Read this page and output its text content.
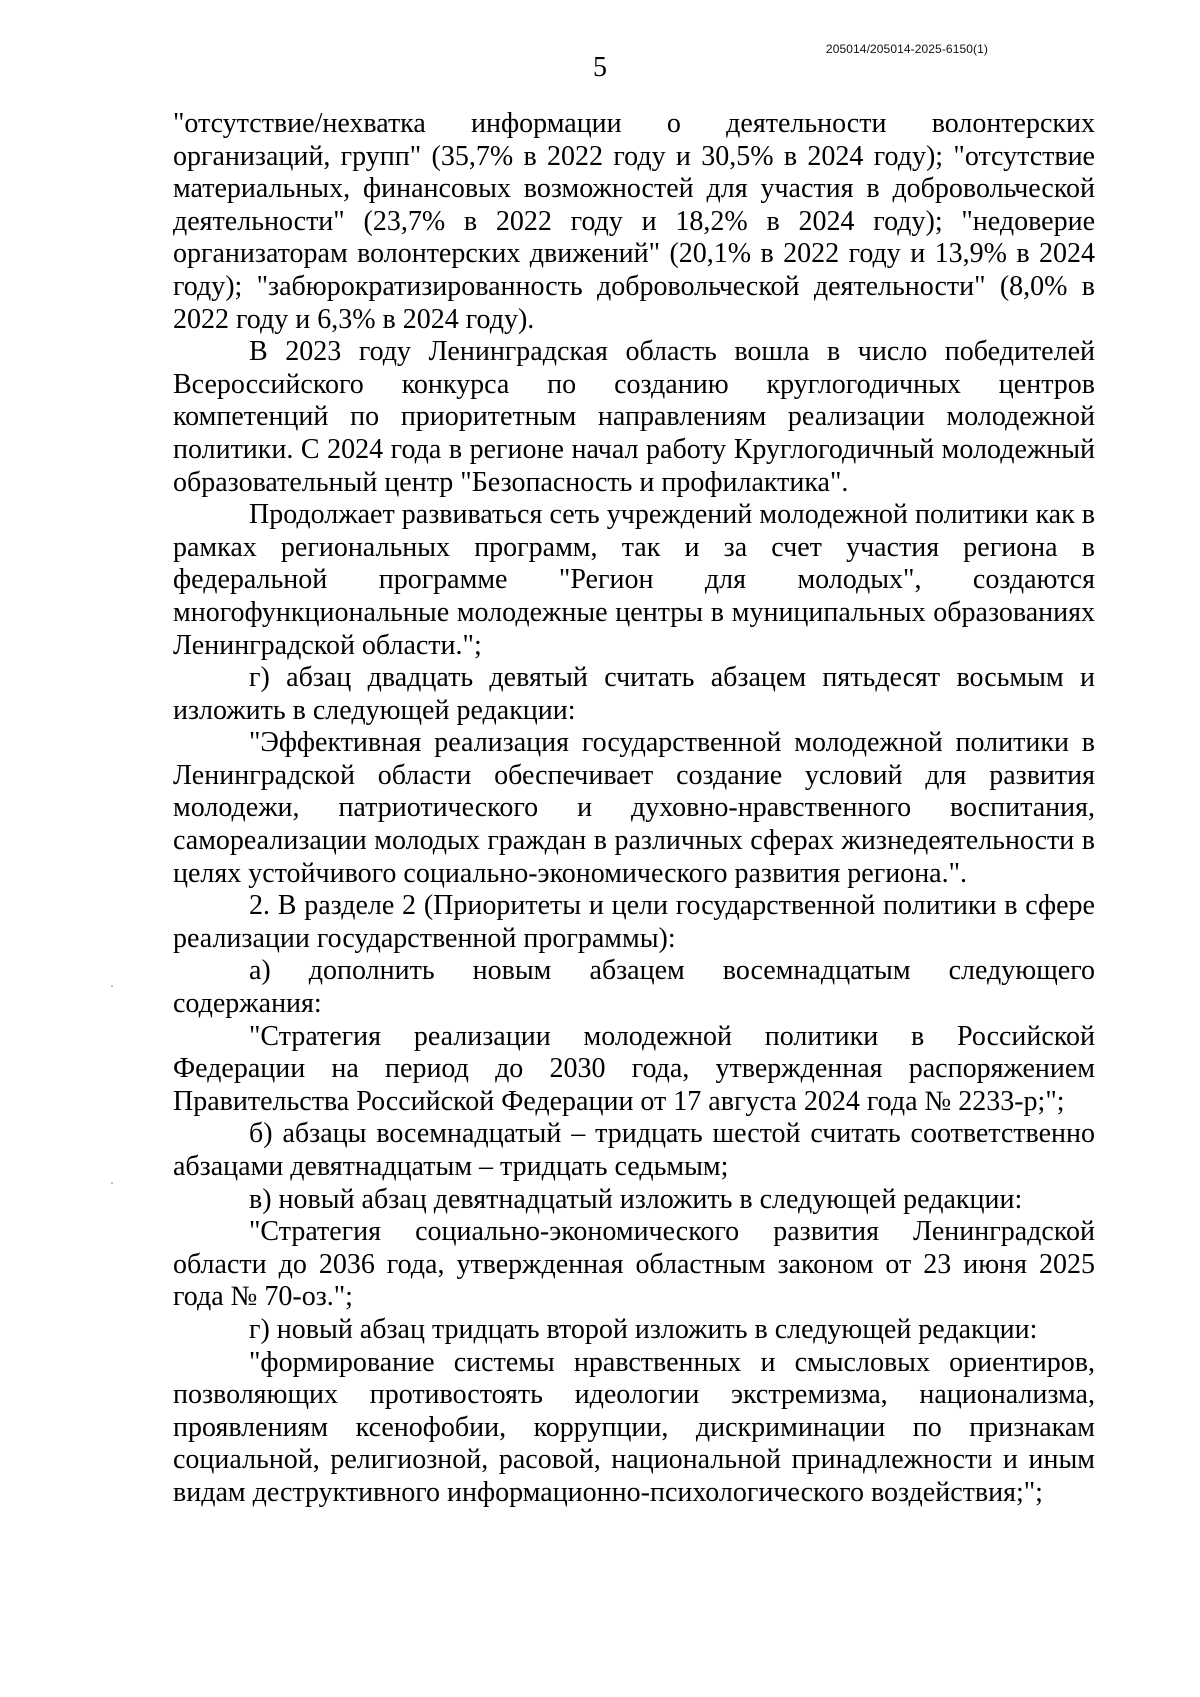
205014/205014-2025-6150(1)
5

"отсутствие/нехватка информации о деятельности волонтерских организаций, групп" (35,7% в 2022 году и 30,5% в 2024 году); "отсутствие материальных, финансовых возможностей для участия в добровольческой деятельности" (23,7% в 2022 году и 18,2% в 2024 году); "недоверие организаторам волонтерских движений" (20,1% в 2022 году и 13,9% в 2024 году); "забюрократизированность добровольческой деятельности" (8,0% в 2022 году и 6,3% в 2024 году).

В 2023 году Ленинградская область вошла в число победителей Всероссийского конкурса по созданию круглогодичных центров компетенций по приоритетным направлениям реализации молодежной политики. С 2024 года в регионе начал работу Круглогодичный молодежный образовательный центр "Безопасность и профилактика".

Продолжает развиваться сеть учреждений молодежной политики как в рамках региональных программ, так и за счет участия региона в федеральной программе "Регион для молодых", создаются многофункциональные молодежные центры в муниципальных образованиях Ленинградской области.";

г) абзац двадцать девятый считать абзацем пятьдесят восьмым и изложить в следующей редакции:

"Эффективная реализация государственной молодежной политики в Ленинградской области обеспечивает создание условий для развития молодежи, патриотического и духовно-нравственного воспитания, самореализации молодых граждан в различных сферах жизнедеятельности в целях устойчивого социально-экономического развития региона.".

2. В разделе 2 (Приоритеты и цели государственной политики в сфере реализации государственной программы):

а) дополнить новым абзацем восемнадцатым следующего содержания:

"Стратегия реализации молодежной политики в Российской Федерации на период до 2030 года, утвержденная распоряжением Правительства Российской Федерации от 17 августа 2024 года № 2233-р;";

б) абзацы восемнадцатый – тридцать шестой считать соответственно абзацами девятнадцатым – тридцать седьмым;

в) новый абзац девятнадцатый изложить в следующей редакции:

"Стратегия социально-экономического развития Ленинградской области до 2036 года, утвержденная областным законом от 23 июня 2025 года № 70-оз.";

г) новый абзац тридцать второй изложить в следующей редакции:

"формирование системы нравственных и смысловых ориентиров, позволяющих противостоять идеологии экстремизма, национализма, проявлениям ксенофобии, коррупции, дискриминации по признакам социальной, религиозной, расовой, национальной принадлежности и иным видам деструктивного информационно-психологического воздействия;";
